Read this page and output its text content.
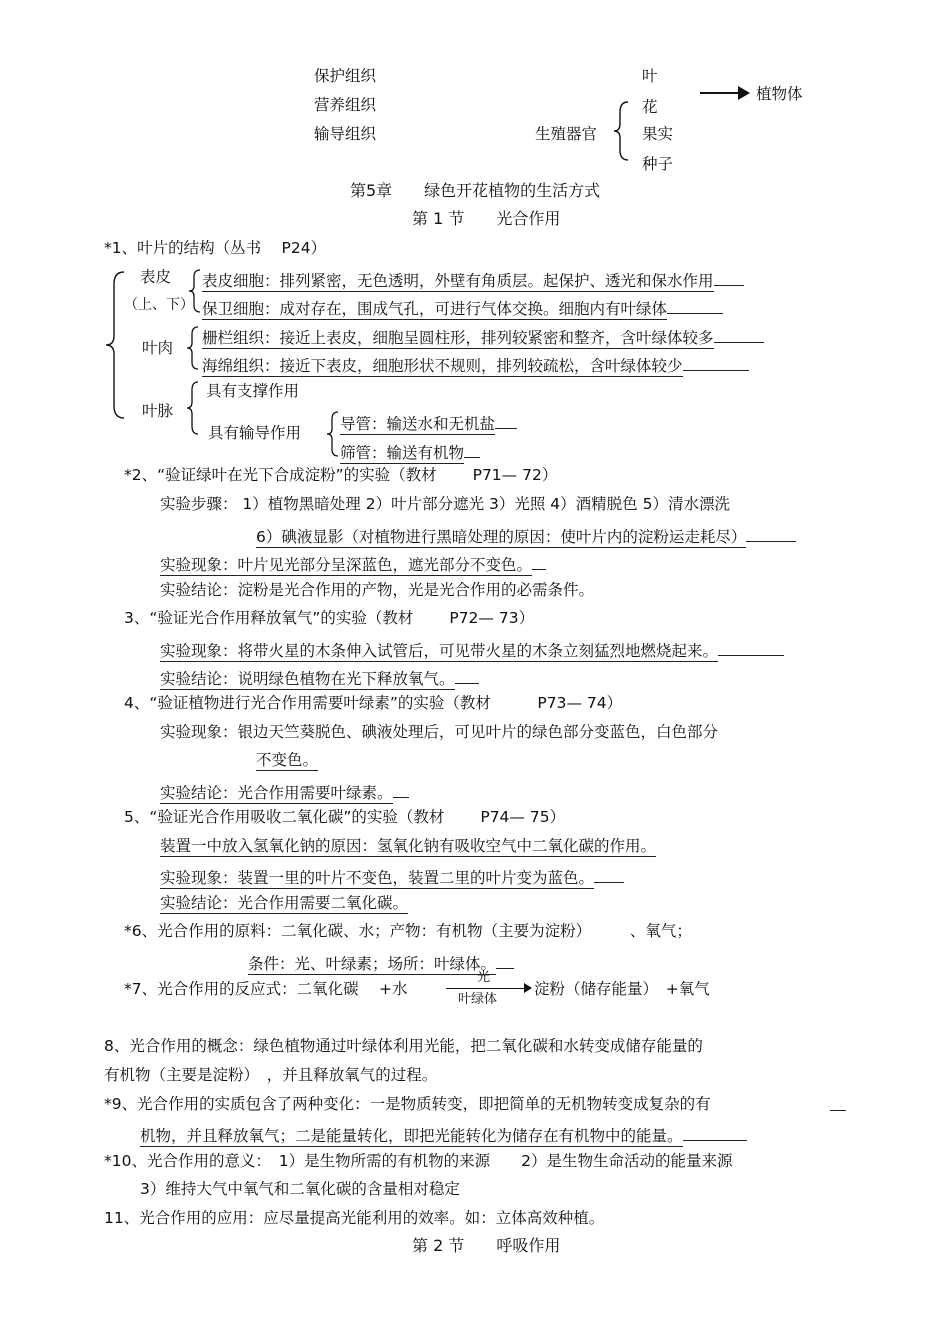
保护组织
营养组织
输导组织
叶
花
果实
种子
生殖器官
植物体
第5章　　绿色开花植物的生活方式
第 1 节　　光合作用
*1、叶片的结构（丛书　 P24）
表皮
（上、下）
表皮细胞：排列紧密，无色透明，外壁有角质层。起保护、透光和保水作用
保卫细胞：成对存在，围成气孔，可进行气体交换。细胞内有叶绿体
叶肉
栅栏组织：接近上表皮，细胞呈圆柱形，排列较紧密和整齐，含叶绿体较多
海绵组织：接近下表皮，细胞形状不规则，排列较疏松，含叶绿体较少
叶脉
具有支撑作用
具有输导作用	导管：输送水和无机盐
筛管：输送有机物
*2、“验证绿叶在光下合成淀粉”的实验（教材　　 P71— 72）
实验步骤： 1）植物黑暗处理 2）叶片部分遮光 3）光照 4）酒精脱色 5）清水漂洗
6）碘液显影（对植物进行黑暗处理的原因：使叶片内的淀粉运走耗尽）
实验现象：叶片见光部分呈深蓝色，遮光部分不变色。
实验结论：淀粉是光合作用的产物，光是光合作用的必需条件。
3、“验证光合作用释放氧气”的实验（教材　　 P72— 73）
实验现象：将带火星的木条伸入试管后，可见带火星的木条立刻猛烈地燃烧起来。
实验结论：说明绿色植物在光下释放氧气。
4、“验证植物进行光合作用需要叶绿素”的实验（教材　　　P73— 74）
实验现象：银边天竺葵脱色、碘液处理后，可见叶片的绿色部分变蓝色，白色部分
不变色。
实验结论：光合作用需要叶绿素。
5、“验证光合作用吸收二氧化碳”的实验（教材　　 P74— 75）
装置一中放入氢氧化钠的原因：氢氧化钠有吸收空气中二氧化碳的作用。
实验现象：装置一里的叶片不变色，装置二里的叶片变为蓝色。
实验结论：光合作用需要二氧化碳。
*6、光合作用的原料：二氧化碳、水；产物：有机物（主要为淀粉）　　　、氧气；
条件：光、叶绿素；场所：叶绿体。
*7、光合作用的反应式：二氧化碳　 +水
光
叶绿体
淀粉（储存能量）　+氧气
8、光合作用的概念：绿色植物通过叶绿体利用光能，把二氧化碳和水转变成储存能量的
有机物（主要是淀粉）　，并且释放氧气的过程。
*9、光合作用的实质包含了两种变化：一是物质转变，即把简单的无机物转变成复杂的有
机物，并且释放氧气；二是能量转化，即把光能转化为储存在有机物中的能量。
*10、光合作用的意义：　1）是生物所需的有机物的来源　　2）是生物生命活动的能量来源
3）维持大气中氧气和二氧化碳的含量相对稳定
11、光合作用的应用：应尽量提高光能利用的效率。如：立体高效种植。
第 2 节　　呼吸作用
